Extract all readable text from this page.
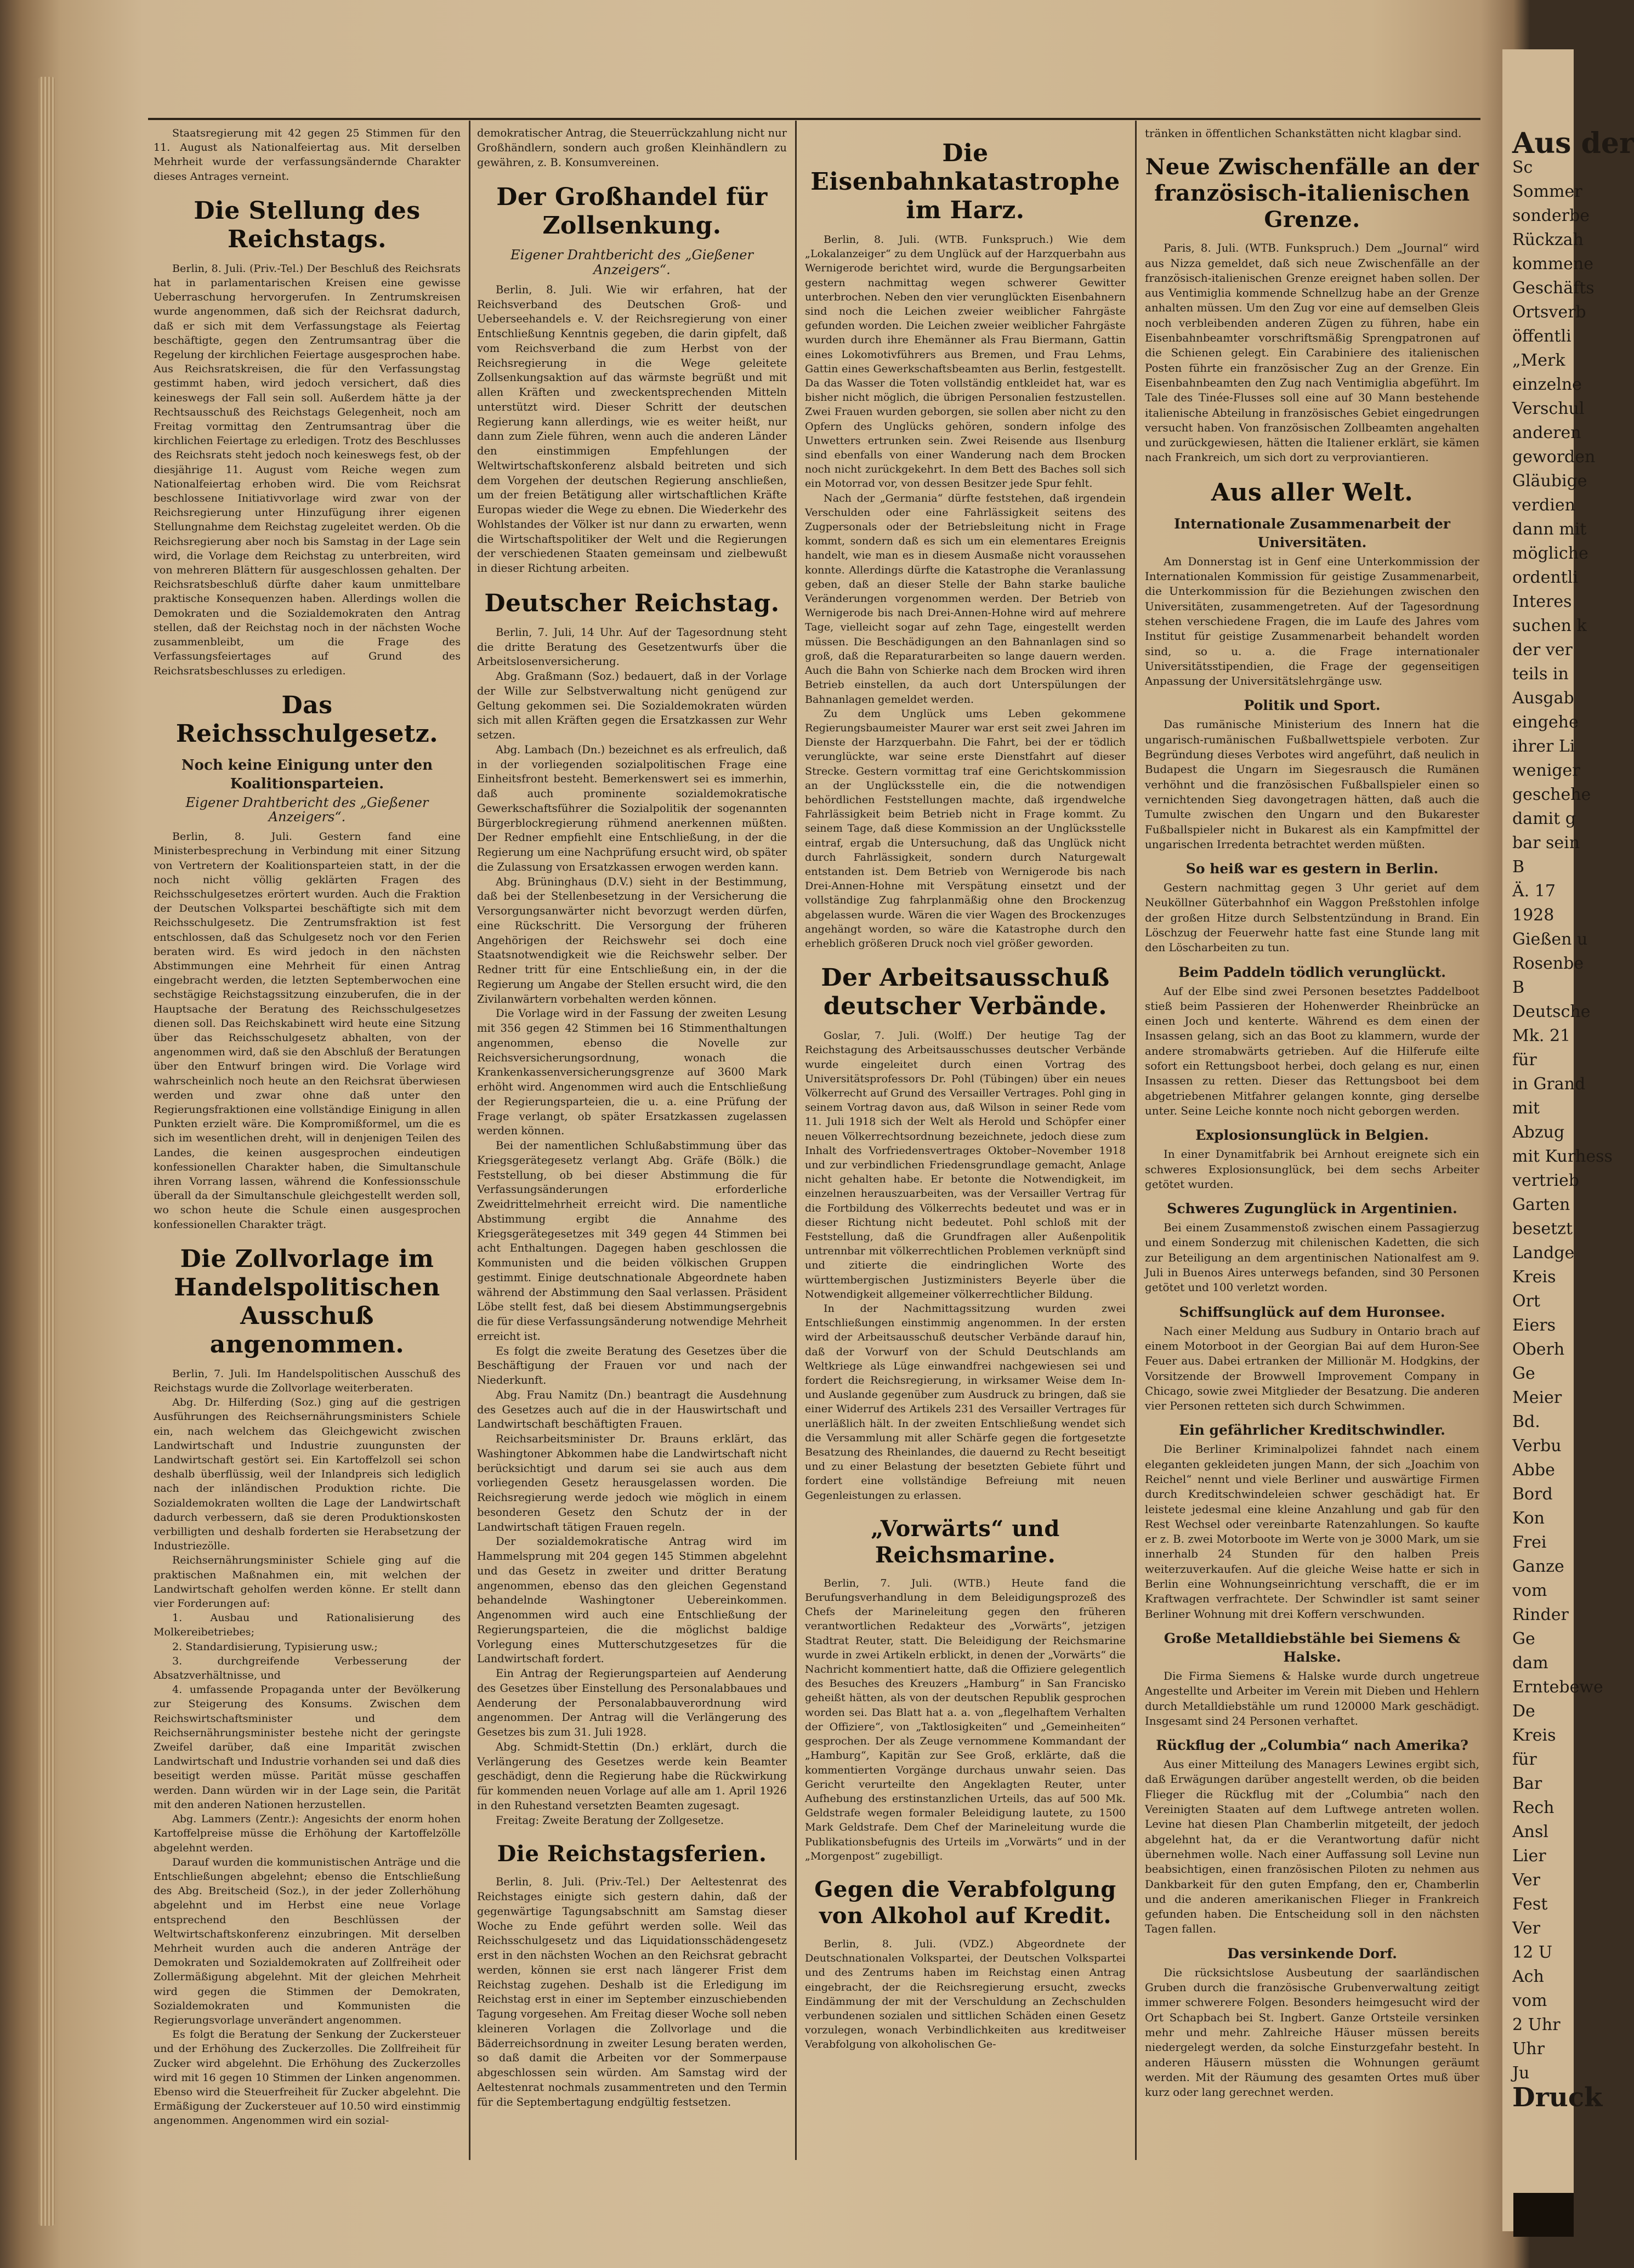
Staatsregierung mit 42 gegen 25 Stimmen für den 11. August als Nationalfeiertag aus. Mit derselben Mehrheit wurde der verfassungsändernde Charakter dieses Antrages verneint.

Die Stellung des Reichstags.

Berlin, 8. Juli. (Priv.-Tel.) Der Beschluß des Reichsrats hat in parlamentarischen Kreisen eine gewisse Ueberraschung hervorgerufen. In Zentrumskreisen wurde angenommen, daß sich der Reichsrat dadurch, daß er sich mit dem Verfassungstage als Feiertag beschäftigte, gegen den Zentrumsantrag über die Regelung der kirchlichen Feiertage ausgesprochen habe. Aus Reichsratskreisen, die für den Verfassungstag gestimmt haben, wird jedoch versichert, daß dies keineswegs der Fall sein soll. Außerdem hätte ja der Rechtsausschuß des Reichstags Gelegenheit, noch am Freitag vormittag den Zentrumsantrag über die kirchlichen Feiertage zu erledigen. Trotz des Beschlusses des Reichsrats steht jedoch noch keineswegs fest, ob der diesjährige 11. August vom Reiche wegen zum Nationalfeiertag erhoben wird. Die vom Reichsrat beschlossene Initiativvorlage wird zwar von der Reichsregierung unter Hinzufügung ihrer eigenen Stellungnahme dem Reichstag zugeleitet werden. Ob die Reichsregierung aber noch bis Samstag in der Lage sein wird, die Vorlage dem Reichstag zu unterbreiten, wird von mehreren Blättern für ausgeschlossen gehalten. Der Reichsratsbeschluß dürfte daher kaum unmittelbare praktische Konsequenzen haben. Allerdings wollen die Demokraten und die Sozialdemokraten den Antrag stellen, daß der Reichstag noch in der nächsten Woche zusammenbleibt, um die Frage des Verfassungsfeiertages auf Grund des Reichsratsbeschlusses zu erledigen.

Das Reichsschulgesetz.
Noch keine Einigung unter den Koalitionsparteien.
Eigener Drahtbericht des „Gießener Anzeigers“.

Berlin, 8. Juli. Gestern fand eine Ministerbesprechung in Verbindung mit einer Sitzung von Vertretern der Koalitionsparteien statt, in der die noch nicht völlig geklärten Fragen des Reichsschulgesetzes erörtert wurden. Auch die Fraktion der Deutschen Volkspartei beschäftigte sich mit dem Reichsschulgesetz. Die Zentrumsfraktion ist fest entschlossen, daß das Schulgesetz noch vor den Ferien beraten wird. Es wird jedoch in den nächsten Abstimmungen eine Mehrheit für einen Antrag eingebracht werden, die letzten Septemberwochen eine sechstägige Reichstagssitzung einzuberufen, die in der Hauptsache der Beratung des Reichsschulgesetzes dienen soll. Das Reichskabinett wird heute eine Sitzung über das Reichsschulgesetz abhalten, von der angenommen wird, daß sie den Abschluß der Beratungen über den Entwurf bringen wird. Die Vorlage wird wahrscheinlich noch heute an den Reichsrat überwiesen werden und zwar ohne daß unter den Regierungsfraktionen eine vollständige Einigung in allen Punkten erzielt wäre. Die Kompromißformel, um die es sich im wesentlichen dreht, will in denjenigen Teilen des Landes, die keinen ausgesprochen eindeutigen konfessionellen Charakter haben, die Simultanschule ihren Vorrang lassen, während die Konfessionsschule überall da der Simultanschule gleichgestellt werden soll, wo schon heute die Schule einen ausgesprochen konfessionellen Charakter trägt.

Die Zollvorlage im Handelspolitischen Ausschuß angenommen.

Berlin, 7. Juli. Im Handelspolitischen Ausschuß des Reichstags wurde die Zollvorlage weiterberaten.

Abg. Dr. Hilferding (Soz.) ging auf die gestrigen Ausführungen des Reichsernährungsministers Schiele ein, nach welchem das Gleichgewicht zwischen Landwirtschaft und Industrie zuungunsten der Landwirtschaft gestört sei. Ein Kartoffelzoll sei schon deshalb überflüssig, weil der Inlandpreis sich lediglich nach der inländischen Produktion richte. Die Sozialdemokraten wollten die Lage der Landwirtschaft dadurch verbessern, daß sie deren Produktionskosten verbilligten und deshalb forderten sie Herabsetzung der Industriezölle.

Reichsernährungsminister Schiele ging auf die praktischen Maßnahmen ein, mit welchen der Landwirtschaft geholfen werden könne. Er stellt dann vier Forderungen auf:

1. Ausbau und Rationalisierung des Molkereibetriebes;

2. Standardisierung, Typisierung usw.;

3. durchgreifende Verbesserung der Absatzverhältnisse, und

4. umfassende Propaganda unter der Bevölkerung zur Steigerung des Konsums. Zwischen dem Reichswirtschaftsminister und dem Reichsernährungsminister bestehe nicht der geringste Zweifel darüber, daß eine Imparität zwischen Landwirtschaft und Industrie vorhanden sei und daß dies beseitigt werden müsse. Parität müsse geschaffen werden. Dann würden wir in der Lage sein, die Parität mit den anderen Nationen herzustellen.

Abg. Lammers (Zentr.): Angesichts der enorm hohen Kartoffelpreise müsse die Erhöhung der Kartoffelzölle abgelehnt werden.

Darauf wurden die kommunistischen Anträge und die Entschließungen abgelehnt; ebenso die Entschließung des Abg. Breitscheid (Soz.), in der jeder Zollerhöhung abgelehnt und im Herbst eine neue Vorlage entsprechend den Beschlüssen der Weltwirtschaftskonferenz einzubringen. Mit derselben Mehrheit wurden auch die anderen Anträge der Demokraten und Sozialdemokraten auf Zollfreiheit oder Zollermäßigung abgelehnt. Mit der gleichen Mehrheit wird gegen die Stimmen der Demokraten, Sozialdemokraten und Kommunisten die Regierungsvorlage unverändert angenommen.

Es folgt die Beratung der Senkung der Zuckersteuer und der Erhöhung des Zuckerzolles. Die Zollfreiheit für Zucker wird abgelehnt. Die Erhöhung des Zuckerzolles wird mit 16 gegen 10 Stimmen der Linken angenommen. Ebenso wird die Steuerfreiheit für Zucker abgelehnt. Die Ermäßigung der Zuckersteuer auf 10.50 wird einstimmig angenommen. Angenommen wird ein sozial-

demokratischer Antrag, die Steuerrückzahlung nicht nur Großhändlern, sondern auch großen Kleinhändlern zu gewähren, z. B. Konsumvereinen.

Der Großhandel für Zollsenkung.
Eigener Drahtbericht des „Gießener Anzeigers“.

Berlin, 8. Juli. Wie wir erfahren, hat der Reichsverband des Deutschen Groß- und Ueberseehandels e. V. der Reichsregierung von einer Entschließung Kenntnis gegeben, die darin gipfelt, daß vom Reichsverband die zum Herbst von der Reichsregierung in die Wege geleitete Zollsenkungsaktion auf das wärmste begrüßt und mit allen Kräften und zweckentsprechenden Mitteln unterstützt wird. Dieser Schritt der deutschen Regierung kann allerdings, wie es weiter heißt, nur dann zum Ziele führen, wenn auch die anderen Länder den einstimmigen Empfehlungen der Weltwirtschaftskonferenz alsbald beitreten und sich dem Vorgehen der deutschen Regierung anschließen, um der freien Betätigung aller wirtschaftlichen Kräfte Europas wieder die Wege zu ebnen. Die Wiederkehr des Wohlstandes der Völker ist nur dann zu erwarten, wenn die Wirtschaftspolitiker der Welt und die Regierungen der verschiedenen Staaten gemeinsam und zielbewußt in dieser Richtung arbeiten.

Deutscher Reichstag.

Berlin, 7. Juli, 14 Uhr. Auf der Tagesordnung steht die dritte Beratung des Gesetzentwurfs über die Arbeitslosenversicherung.

Abg. Graßmann (Soz.) bedauert, daß in der Vorlage der Wille zur Selbstverwaltung nicht genügend zur Geltung gekommen sei. Die Sozialdemokraten würden sich mit allen Kräften gegen die Ersatzkassen zur Wehr setzen.

Abg. Lambach (Dn.) bezeichnet es als erfreulich, daß in der vorliegenden sozialpolitischen Frage eine Einheitsfront besteht. Bemerkenswert sei es immerhin, daß auch prominente sozialdemokratische Gewerkschaftsführer die Sozialpolitik der sogenannten Bürgerblockregierung rühmend anerkennen müßten. Der Redner empfiehlt eine Entschließung, in der die Regierung um eine Nachprüfung ersucht wird, ob später die Zulassung von Ersatzkassen erwogen werden kann.

Abg. Brüninghaus (D.V.) sieht in der Bestimmung, daß bei der Stellenbesetzung in der Versicherung die Versorgungsanwärter nicht bevorzugt werden dürfen, eine Rückschritt. Die Versorgung der früheren Angehörigen der Reichswehr sei doch eine Staatsnotwendigkeit wie die Reichswehr selber. Der Redner tritt für eine Entschließung ein, in der die Regierung um Angabe der Stellen ersucht wird, die den Zivilanwärtern vorbehalten werden können.

Die Vorlage wird in der Fassung der zweiten Lesung mit 356 gegen 42 Stimmen bei 16 Stimmenthaltungen angenommen, ebenso die Novelle zur Reichsversicherungsordnung, wonach die Krankenkassenversicherungsgrenze auf 3600 Mark erhöht wird. Angenommen wird auch die Entschließung der Regierungsparteien, die u. a. eine Prüfung der Frage verlangt, ob später Ersatzkassen zugelassen werden können.

Bei der namentlichen Schlußabstimmung über das Kriegsgerätegesetz verlangt Abg. Gräfe (Bölk.) die Feststellung, ob bei dieser Abstimmung die für Verfassungsänderungen erforderliche Zweidrittelmehrheit erreicht wird. Die namentliche Abstimmung ergibt die Annahme des Kriegsgerätegesetzes mit 349 gegen 44 Stimmen bei acht Enthaltungen. Dagegen haben geschlossen die Kommunisten und die beiden völkischen Gruppen gestimmt. Einige deutschnationale Abgeordnete haben während der Abstimmung den Saal verlassen. Präsident Löbe stellt fest, daß bei diesem Abstimmungsergebnis die für diese Verfassungsänderung notwendige Mehrheit erreicht ist.

Es folgt die zweite Beratung des Gesetzes über die Beschäftigung der Frauen vor und nach der Niederkunft.

Abg. Frau Namitz (Dn.) beantragt die Ausdehnung des Gesetzes auch auf die in der Hauswirtschaft und Landwirtschaft beschäftigten Frauen.

Reichsarbeitsminister Dr. Brauns erklärt, das Washingtoner Abkommen habe die Landwirtschaft nicht berücksichtigt und darum sei sie auch aus dem vorliegenden Gesetz herausgelassen worden. Die Reichsregierung werde jedoch wie möglich in einem besonderen Gesetz den Schutz der in der Landwirtschaft tätigen Frauen regeln.

Der sozialdemokratische Antrag wird im Hammelsprung mit 204 gegen 145 Stimmen abgelehnt und das Gesetz in zweiter und dritter Beratung angenommen, ebenso das den gleichen Gegenstand behandelnde Washingtoner Uebereinkommen. Angenommen wird auch eine Entschließung der Regierungsparteien, die die möglichst baldige Vorlegung eines Mutterschutzgesetzes für die Landwirtschaft fordert.

Ein Antrag der Regierungsparteien auf Aenderung des Gesetzes über Einstellung des Personalabbaues und Aenderung der Personalabbauverordnung wird angenommen. Der Antrag will die Verlängerung des Gesetzes bis zum 31. Juli 1928.

Abg. Schmidt-Stettin (Dn.) erklärt, durch die Verlängerung des Gesetzes werde kein Beamter geschädigt, denn die Regierung habe die Rückwirkung für kommenden neuen Vorlage auf alle am 1. April 1926 in den Ruhestand versetzten Beamten zugesagt.

Freitag: Zweite Beratung der Zollgesetze.

Die Reichstagsferien.

Berlin, 8. Juli. (Priv.-Tel.) Der Aeltestenrat des Reichstages einigte sich gestern dahin, daß der gegenwärtige Tagungsabschnitt am Samstag dieser Woche zu Ende geführt werden solle. Weil das Reichsschulgesetz und das Liquidationsschädengesetz erst in den nächsten Wochen an den Reichsrat gebracht werden, können sie erst nach längerer Frist dem Reichstag zugehen. Deshalb ist die Erledigung im Reichstag erst in einer im September einzuschiebenden Tagung vorgesehen. Am Freitag dieser Woche soll neben kleineren Vorlagen die Zollvorlage und die Bäderreichsordnung in zweiter Lesung beraten werden, so daß damit die Arbeiten vor der Sommerpause abgeschlossen sein würden. Am Samstag wird der Aeltestenrat nochmals zusammentreten und den Termin für die Septembertagung endgültig festsetzen.

Die Eisenbahnkatastrophe im Harz.

Berlin, 8. Juli. (WTB. Funkspruch.) Wie dem „Lokalanzeiger“ zu dem Unglück auf der Harzquerbahn aus Wernigerode berichtet wird, wurde die Bergungsarbeiten gestern nachmittag wegen schwerer Gewitter unterbrochen. Neben den vier verunglückten Eisenbahnern sind noch die Leichen zweier weiblicher Fahrgäste gefunden worden. Die Leichen zweier weiblicher Fahrgäste wurden durch ihre Ehemänner als Frau Biermann, Gattin eines Lokomotivführers aus Bremen, und Frau Lehms, Gattin eines Gewerkschaftsbeamten aus Berlin, festgestellt. Da das Wasser die Toten vollständig entkleidet hat, war es bisher nicht möglich, die übrigen Personalien festzustellen. Zwei Frauen wurden geborgen, sie sollen aber nicht zu den Opfern des Unglücks gehören, sondern infolge des Unwetters ertrunken sein. Zwei Reisende aus Ilsenburg sind ebenfalls von einer Wanderung nach dem Brocken noch nicht zurückgekehrt. In dem Bett des Baches soll sich ein Motorrad vor, von dessen Besitzer jede Spur fehlt.

Nach der „Germania“ dürfte feststehen, daß irgendein Verschulden oder eine Fahrlässigkeit seitens des Zugpersonals oder der Betriebsleitung nicht in Frage kommt, sondern daß es sich um ein elementares Ereignis handelt, wie man es in diesem Ausmaße nicht voraussehen konnte. Allerdings dürfte die Katastrophe die Veranlassung geben, daß an dieser Stelle der Bahn starke bauliche Veränderungen vorgenommen werden. Der Betrieb von Wernigerode bis nach Drei-Annen-Hohne wird auf mehrere Tage, vielleicht sogar auf zehn Tage, eingestellt werden müssen. Die Beschädigungen an den Bahnanlagen sind so groß, daß die Reparaturarbeiten so lange dauern werden. Auch die Bahn von Schierke nach dem Brocken wird ihren Betrieb einstellen, da auch dort Unterspülungen der Bahnanlagen gemeldet werden.

Zu dem Unglück ums Leben gekommene Regierungsbaumeister Maurer war erst seit zwei Jahren im Dienste der Harzquerbahn. Die Fahrt, bei der er tödlich verunglückte, war seine erste Dienstfahrt auf dieser Strecke. Gestern vormittag traf eine Gerichtskommission an der Unglücksstelle ein, die die notwendigen behördlichen Feststellungen machte, daß irgendwelche Fahrlässigkeit beim Betrieb nicht in Frage kommt. Zu seinem Tage, daß diese Kommission an der Unglücksstelle eintraf, ergab die Untersuchung, daß das Unglück nicht durch Fahrlässigkeit, sondern durch Naturgewalt entstanden ist. Dem Betrieb von Wernigerode bis nach Drei-Annen-Hohne mit Verspätung einsetzt und der vollständige Zug fahrplanmäßig ohne den Brockenzug abgelassen wurde. Wären die vier Wagen des Brockenzuges angehängt worden, so wäre die Katastrophe durch den erheblich größeren Druck noch viel größer geworden.

Der Arbeitsausschuß deutscher Verbände.

Goslar, 7. Juli. (Wolff.) Der heutige Tag der Reichstagung des Arbeitsausschusses deutscher Verbände wurde eingeleitet durch einen Vortrag des Universitätsprofessors Dr. Pohl (Tübingen) über ein neues Völkerrecht auf Grund des Versailler Vertrages. Pohl ging in seinem Vortrag davon aus, daß Wilson in seiner Rede vom 11. Juli 1918 sich der Welt als Herold und Schöpfer einer neuen Völkerrechtsordnung bezeichnete, jedoch diese zum Inhalt des Vorfriedensvertrages Oktober–November 1918 und zur verbindlichen Friedensgrundlage gemacht, Anlage nicht gehalten habe. Er betonte die Notwendigkeit, im einzelnen herauszuarbeiten, was der Versailler Vertrag für die Fortbildung des Völkerrechts bedeutet und was er in dieser Richtung nicht bedeutet. Pohl schloß mit der Feststellung, daß die Grundfragen aller Außenpolitik untrennbar mit völkerrechtlichen Problemen verknüpft sind und zitierte die eindringlichen Worte des württembergischen Justizministers Beyerle über die Notwendigkeit allgemeiner völkerrechtlicher Bildung.

In der Nachmittagssitzung wurden zwei Entschließungen einstimmig angenommen. In der ersten wird der Arbeitsausschuß deutscher Verbände darauf hin, daß der Vorwurf von der Schuld Deutschlands am Weltkriege als Lüge einwandfrei nachgewiesen sei und fordert die Reichsregierung, in wirksamer Weise dem In- und Auslande gegenüber zum Ausdruck zu bringen, daß sie einer Widerruf des Artikels 231 des Versailler Vertrages für unerläßlich hält. In der zweiten Entschließung wendet sich die Versammlung mit aller Schärfe gegen die fortgesetzte Besatzung des Rheinlandes, die dauernd zu Recht beseitigt und zu einer Belastung der besetzten Gebiete führt und fordert eine vollständige Befreiung mit neuen Gegenleistungen zu erlassen.

„Vorwärts“ und Reichsmarine.

Berlin, 7. Juli. (WTB.) Heute fand die Berufungsverhandlung in dem Beleidigungsprozeß des Chefs der Marineleitung gegen den früheren verantwortlichen Redakteur des „Vorwärts“, jetzigen Stadtrat Reuter, statt. Die Beleidigung der Reichsmarine wurde in zwei Artikeln erblickt, in denen der „Vorwärts“ die Nachricht kommentiert hatte, daß die Offiziere gelegentlich des Besuches des Kreuzers „Hamburg“ in San Francisko geheißt hätten, als von der deutschen Republik gesprochen worden sei. Das Blatt hat a. a. von „flegelhaftem Verhalten der Offiziere“, von „Taktlosigkeiten“ und „Gemeinheiten“ gesprochen. Der als Zeuge vernommene Kommandant der „Hamburg“, Kapitän zur See Groß, erklärte, daß die kommentierten Vorgänge durchaus unwahr seien. Das Gericht verurteilte den Angeklagten Reuter, unter Aufhebung des erstinstanzlichen Urteils, das auf 500 Mk. Geldstrafe wegen formaler Beleidigung lautete, zu 1500 Mark Geldstrafe. Dem Chef der Marineleitung wurde die Publikationsbefugnis des Urteils im „Vorwärts“ und in der „Morgenpost“ zugebilligt.

Gegen die Verabfolgung von Alkohol auf Kredit.

Berlin, 8. Juli. (VDZ.) Abgeordnete der Deutschnationalen Volkspartei, der Deutschen Volkspartei und des Zentrums haben im Reichstag einen Antrag eingebracht, der die Reichsregierung ersucht, zwecks Eindämmung der mit der Verschuldung an Zechschulden verbundenen sozialen und sittlichen Schäden einen Gesetz vorzulegen, wonach Verbindlichkeiten aus kreditweiser Verabfolgung von alkoholischen Ge-

tränken in öffentlichen Schankstätten nicht klagbar sind.

Neue Zwischenfälle an der französisch-italienischen Grenze.

Paris, 8. Juli. (WTB. Funkspruch.) Dem „Journal“ wird aus Nizza gemeldet, daß sich neue Zwischenfälle an der französisch-italienischen Grenze ereignet haben sollen. Der aus Ventimiglia kommende Schnellzug habe an der Grenze anhalten müssen. Um den Zug vor eine auf demselben Gleis noch verbleibenden anderen Zügen zu führen, habe ein Eisenbahnbeamter vorschriftsmäßig Sprengpatronen auf die Schienen gelegt. Ein Carabiniere des italienischen Posten führte ein französischer Zug an der Grenze. Ein Eisenbahnbeamten den Zug nach Ventimiglia abgeführt. Im Tale des Tinée-Flusses soll eine auf 30 Mann bestehende italienische Abteilung in französisches Gebiet eingedrungen versucht haben. Von französischen Zollbeamten angehalten und zurückgewiesen, hätten die Italiener erklärt, sie kämen nach Frankreich, um sich dort zu verproviantieren.

Aus aller Welt.
Internationale Zusammenarbeit der Universitäten.

Am Donnerstag ist in Genf eine Unterkommission der Internationalen Kommission für geistige Zusammenarbeit, die Unterkommission für die Beziehungen zwischen den Universitäten, zusammengetreten. Auf der Tagesordnung stehen verschiedene Fragen, die im Laufe des Jahres vom Institut für geistige Zusammenarbeit behandelt worden sind, so u. a. die Frage internationaler Universitätsstipendien, die Frage der gegenseitigen Anpassung der Universitätslehrgänge usw.

Politik und Sport.

Das rumänische Ministerium des Innern hat die ungarisch-rumänischen Fußballwettspiele verboten. Zur Begründung dieses Verbotes wird angeführt, daß neulich in Budapest die Ungarn im Siegesrausch die Rumänen verhöhnt und die französischen Fußballspieler einen so vernichtenden Sieg davongetragen hätten, daß auch die Tumulte zwischen den Ungarn und den Bukarester Fußballspieler nicht in Bukarest als ein Kampfmittel der ungarischen Irredenta betrachtet werden müßten.

So heiß war es gestern in Berlin.

Gestern nachmittag gegen 3 Uhr geriet auf dem Neuköllner Güterbahnhof ein Waggon Preßstohlen infolge der großen Hitze durch Selbstentzündung in Brand. Ein Löschzug der Feuerwehr hatte fast eine Stunde lang mit den Löscharbeiten zu tun.

Beim Paddeln tödlich verunglückt.

Auf der Elbe sind zwei Personen besetztes Paddelboot stieß beim Passieren der Hohenwerder Rheinbrücke an einen Joch und kenterte. Während es dem einen der Insassen gelang, sich an das Boot zu klammern, wurde der andere stromabwärts getrieben. Auf die Hilferufe eilte sofort ein Rettungsboot herbei, doch gelang es nur, einen Insassen zu retten. Dieser das Rettungsboot bei dem abgetriebenen Mitfahrer gelangen konnte, ging derselbe unter. Seine Leiche konnte noch nicht geborgen werden.

Explosionsunglück in Belgien.

In einer Dynamitfabrik bei Arnhout ereignete sich ein schweres Explosionsunglück, bei dem sechs Arbeiter getötet wurden.

Schweres Zugunglück in Argentinien.

Bei einem Zusammenstoß zwischen einem Passagierzug und einem Sonderzug mit chilenischen Kadetten, die sich zur Beteiligung an dem argentinischen Nationalfest am 9. Juli in Buenos Aires unterwegs befanden, sind 30 Personen getötet und 100 verletzt worden.

Schiffsunglück auf dem Huronsee.

Nach einer Meldung aus Sudbury in Ontario brach auf einem Motorboot in der Georgian Bai auf dem Huron-See Feuer aus. Dabei ertranken der Millionär M. Hodgkins, der Vorsitzende der Browwell Improvement Company in Chicago, sowie zwei Mitglieder der Besatzung. Die anderen vier Personen retteten sich durch Schwimmen.

Ein gefährlicher Kreditschwindler.

Die Berliner Kriminalpolizei fahndet nach einem eleganten gekleideten jungen Mann, der sich „Joachim von Reichel“ nennt und viele Berliner und auswärtige Firmen durch Kreditschwindeleien schwer geschädigt hat. Er leistete jedesmal eine kleine Anzahlung und gab für den Rest Wechsel oder vereinbarte Ratenzahlungen. So kaufte er z. B. zwei Motorboote im Werte von je 3000 Mark, um sie innerhalb 24 Stunden für den halben Preis weiterzuverkaufen. Auf die gleiche Weise hatte er sich in Berlin eine Wohnungseinrichtung verschafft, die er im Kraftwagen verfrachtete. Der Schwindler ist samt seiner Berliner Wohnung mit drei Koffern verschwunden.

Große Metalldiebstähle bei Siemens & Halske.

Die Firma Siemens & Halske wurde durch ungetreue Angestellte und Arbeiter im Verein mit Dieben und Hehlern durch Metalldiebstähle um rund 120000 Mark geschädigt. Insgesamt sind 24 Personen verhaftet.

Rückflug der „Columbia“ nach Amerika?

Aus einer Mitteilung des Managers Lewines ergibt sich, daß Erwägungen darüber angestellt werden, ob die beiden Flieger die Rückflug mit der „Columbia“ nach den Vereinigten Staaten auf dem Luftwege antreten wollen. Levine hat diesen Plan Chamberlin mitgeteilt, der jedoch abgelehnt hat, da er die Verantwortung dafür nicht übernehmen wolle. Nach einer Auffassung soll Levine nun beabsichtigen, einen französischen Piloten zu nehmen aus Dankbarkeit für den guten Empfang, den er, Chamberlin und die anderen amerikanischen Flieger in Frankreich gefunden haben. Die Entscheidung soll in den nächsten Tagen fallen.

Das versinkende Dorf.

Die rücksichtslose Ausbeutung der saarländischen Gruben durch die französische Grubenverwaltung zeitigt immer schwerere Folgen. Besonders heimgesucht wird der Ort Schapbach bei St. Ingbert. Ganze Ortsteile versinken mehr und mehr. Zahlreiche Häuser müssen bereits niedergelegt werden, da solche Einsturzgefahr besteht. In anderen Häusern müssten die Wohnungen geräumt werden. Mit der Räumung des gesamten Ortes muß über kurz oder lang gerechnet werden.

Aus der
Sc
Sommer
sonderbe
Rückzah
kommene
Geschäfts
Ortsverb
öffentli
„Merk
einzelne
Verschul
anderen
geworden
Gläubige
verdien
dann mit
mögliche
ordentli
Interes
suchen k
der ver
teils in
Ausgab
eingehe
ihrer Li
weniger
geschehe
damit g
bar sein
B
Ä. 17
1928
Gießen u
Rosenbe
B
Deutsche
Mk. 21
für
in Grand
mit
Abzug
mit Kurhess
vertrieb
Garten
besetzt
Landge
Kreis
Ort
Eiers
Oberh
Ge
Meier
Bd.
Verbu
Abbe
Bord
Kon
Frei
Ganze
vom
Rinder
Ge
dam
Erntebewe
De
Kreis
für
Bar
Rech
Ansl
Lier
Ver
Fest
Ver
12 U
Ach
vom
2 Uhr
Uhr
Ju
Druck
